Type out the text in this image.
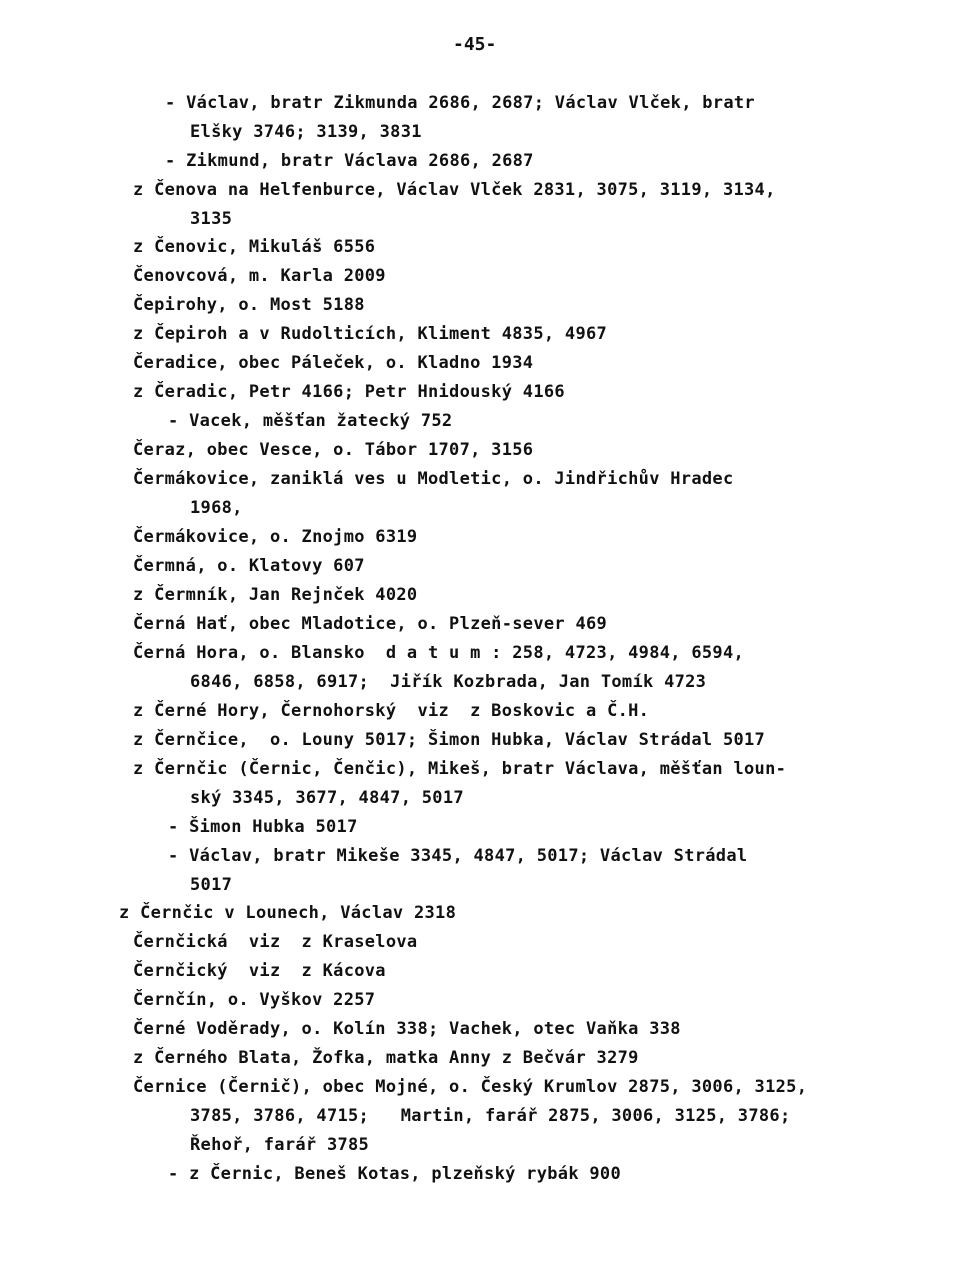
-45-
- Václav, bratr Zikmunda 2686, 2687; Václav Vlček, bratr
Elšky 3746; 3139, 3831
- Zikmund, bratr Václava 2686, 2687
z Čenova na Helfenburce, Václav Vlček 2831, 3075, 3119, 3134,
3135
z Čenovic, Mikuláš 6556
Čenovcová, m. Karla 2009
Čepirohy, o. Most 5188
z Čepiroh a v Rudolticích, Kliment 4835, 4967
Čeradice, obec Páleček, o. Kladno 1934
z Čeradic, Petr 4166; Petr Hnidouský 4166
- Vacek, měšťan žatecký 752
Čeraz, obec Vesce, o. Tábor 1707, 3156
Čermákovice, zaniklá ves u Modletic, o. Jindřichův Hradec
1968,
Čermákovice, o. Znojmo 6319
Čermná, o. Klatovy 607
z Čermník, Jan Rejnček 4020
Černá Hať, obec Mladotice, o. Plzeň-sever 469
Černá Hora, o. Blansko  d a t u m : 258, 4723, 4984, 6594,
6846, 6858, 6917;  Jiřík Kozbrada, Jan Tomík 4723
z Černé Hory, Černohorský  viz  z Boskovic a Č.H.
z Černčice,  o. Louny 5017; Šimon Hubka, Václav Strádal 5017
z Černčic (Černic, Čenčic), Mikeš, bratr Václava, měšťan loun-
ský 3345, 3677, 4847, 5017
- Šimon Hubka 5017
- Václav, bratr Mikeše 3345, 4847, 5017; Václav Strádal
5017
z Černčic v Lounech, Václav 2318
Černčická  viz  z Kraselova
Černčický  viz  z Kácova
Černčín, o. Vyškov 2257
Černé Voděrady, o. Kolín 338; Vachek, otec Vaňka 338
z Černého Blata, Žofka, matka Anny z Bečvár 3279
Černice (Černič), obec Mojné, o. Český Krumlov 2875, 3006, 3125,
3785, 3786, 4715;   Martin, farář 2875, 3006, 3125, 3786;
Řehoř, farář 3785
- z Černic, Beneš Kotas, plzeňský rybák 900
